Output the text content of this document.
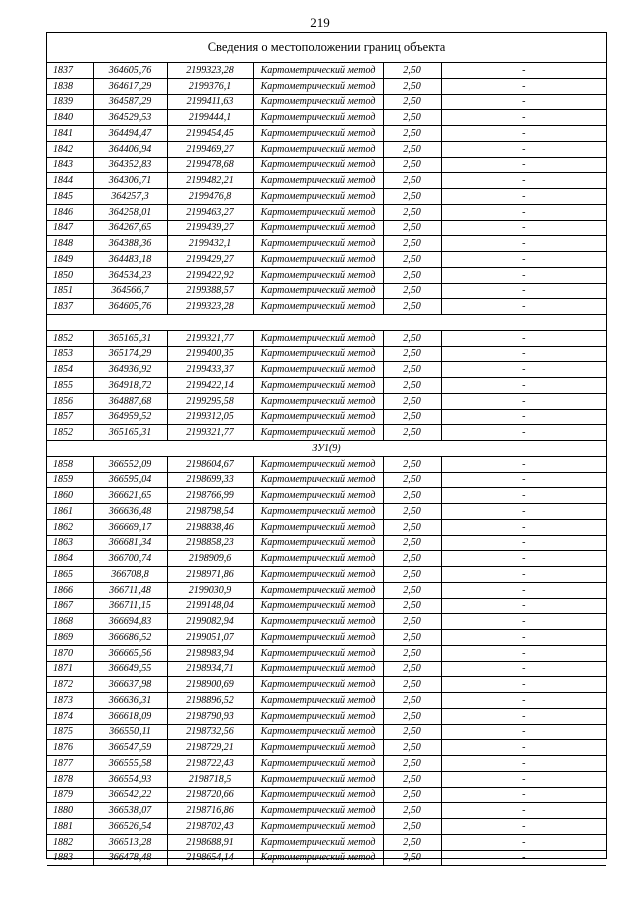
219
Сведения о местоположении границ объекта
1837	364605,76	2199323,28	Картометрический метод	2,50	-
1838	364617,29	2199376,1	Картометрический метод	2,50	-
1839	364587,29	2199411,63	Картометрический метод	2,50	-
1840	364529,53	2199444,1	Картометрический метод	2,50	-
1841	364494,47	2199454,45	Картометрический метод	2,50	-
1842	364406,94	2199469,27	Картометрический метод	2,50	-
1843	364352,83	2199478,68	Картометрический метод	2,50	-
1844	364306,71	2199482,21	Картометрический метод	2,50	-
1845	364257,3	2199476,8	Картометрический метод	2,50	-
1846	364258,01	2199463,27	Картометрический метод	2,50	-
1847	364267,65	2199439,27	Картометрический метод	2,50	-
1848	364388,36	2199432,1	Картометрический метод	2,50	-
1849	364483,18	2199429,27	Картометрический метод	2,50	-
1850	364534,23	2199422,92	Картометрический метод	2,50	-
1851	364566,7	2199388,57	Картометрический метод	2,50	-
1837	364605,76	2199323,28	Картометрический метод	2,50	-

1852	365165,31	2199321,77	Картометрический метод	2,50	-
1853	365174,29	2199400,35	Картометрический метод	2,50	-
1854	364936,92	2199433,37	Картометрический метод	2,50	-
1855	364918,72	2199422,14	Картометрический метод	2,50	-
1856	364887,68	2199295,58	Картометрический метод	2,50	-
1857	364959,52	2199312,05	Картометрический метод	2,50	-
1852	365165,31	2199321,77	Картометрический метод	2,50	-
ЗУ1(9)					
1858	366552,09	2198604,67	Картометрический метод	2,50	-
1859	366595,04	2198699,33	Картометрический метод	2,50	-
1860	366621,65	2198766,99	Картометрический метод	2,50	-
1861	366636,48	2198798,54	Картометрический метод	2,50	-
1862	366669,17	2198838,46	Картометрический метод	2,50	-
1863	366681,34	2198858,23	Картометрический метод	2,50	-
1864	366700,74	2198909,6	Картометрический метод	2,50	-
1865	366708,8	2198971,86	Картометрический метод	2,50	-
1866	366711,48	2199030,9	Картометрический метод	2,50	-
1867	366711,15	2199148,04	Картометрический метод	2,50	-
1868	366694,83	2199082,94	Картометрический метод	2,50	-
1869	366686,52	2199051,07	Картометрический метод	2,50	-
1870	366665,56	2198983,94	Картометрический метод	2,50	-
1871	366649,55	2198934,71	Картометрический метод	2,50	-
1872	366637,98	2198900,69	Картометрический метод	2,50	-
1873	366636,31	2198896,52	Картометрический метод	2,50	-
1874	366618,09	2198790,93	Картометрический метод	2,50	-
1875	366550,11	2198732,56	Картометрический метод	2,50	-
1876	366547,59	2198729,21	Картометрический метод	2,50	-
1877	366555,58	2198722,43	Картометрический метод	2,50	-
1878	366554,93	2198718,5	Картометрический метод	2,50	-
1879	366542,22	2198720,66	Картометрический метод	2,50	-
1880	366538,07	2198716,86	Картометрический метод	2,50	-
1881	366526,54	2198702,43	Картометрический метод	2,50	-
1882	366513,28	2198688,91	Картометрический метод	2,50	-
1883	366478,48	2198654,14	Картометрический метод	2,50	-
